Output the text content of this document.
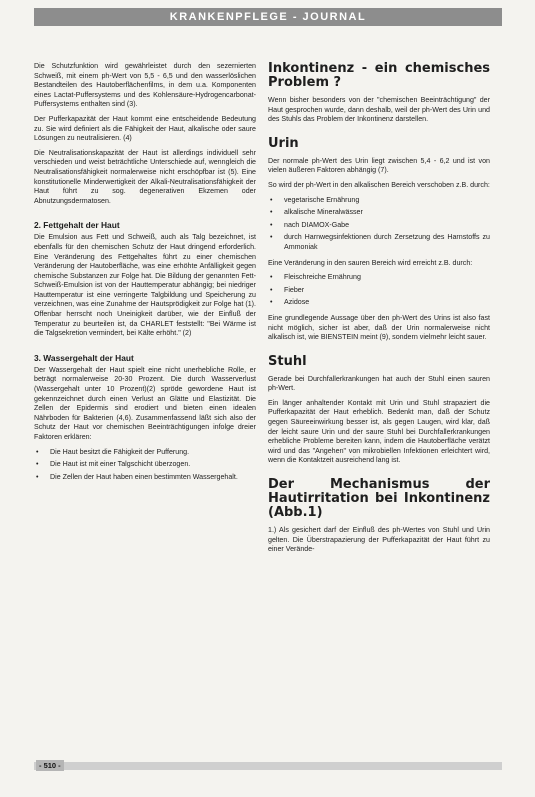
KRANKENPFLEGE - JOURNAL

Die Schutzfunktion wird gewährleistet durch den sezernierten Schweiß, mit einem ph-Wert von 5,5 - 6,5 und den wasserlöslichen Bestandteilen des Hautoberflächenfilms, in dem u.a. Komponenten eines Lactat-Puffersystems und des Kohlensäure-Hydrogencarbonat-Puffersystems enthalten sind (3).

Der Pufferkapazität der Haut kommt eine entscheidende Bedeutung zu. Sie wird definiert als die Fähigkeit der Haut, alkalische oder saure Lösungen zu neutralisieren. (4)

Die Neutralisationskapazität der Haut ist allerdings individuell sehr verschieden und weist beträchtliche Unterschiede auf, wenngleich die Neutralisationsfähigkeit normalerweise nicht erschöpfbar ist (5). Eine konstitutionelle Minderwertigkeit der Alkali-Neutralisationsfähigkeit der Haut führt zu sog. degenerativen Ekzemen oder Abnutzungsdermatosen.

2. Fettgehalt der Haut

Die Emulsion aus Fett und Schweiß, auch als Talg bezeichnet, ist ebenfalls für den chemischen Schutz der Haut dringend erforderlich. Eine Veränderung des Fettgehaltes führt zu einer chemischen Veränderung der Hautoberfläche, was eine erhöhte Anfälligkeit gegen chemische Substanzen zur Folge hat. Die Bildung der genannten Fett-Schweiß-Emulsion ist von der Hauttemperatur abhängig; bei niedriger Hauttemperatur ist eine verringerte Talgbildung und Speicherung zu verzeichnen, was eine Zunahme der Hautsprödigkeit zur Folge hat (1). Offenbar herrscht noch Uneinigkeit darüber, wie der Einfluß der Temperatur zu beurteilen ist, da CHARLET feststellt: "Bei Wärme ist die Talgsekretion vermindert, bei Kälte erhöht." (2)

3. Wassergehalt der Haut

Der Wassergehalt der Haut spielt eine nicht unerhebliche Rolle, er beträgt normalerweise 20-30 Prozent. Die durch Wasserverlust (Wassergehalt unter 10 Prozent)(2) spröde gewordene Haut ist gekennzeichnet durch einen Verlust an Glätte und Elastizität. Die Zellen der Epidermis sind erodiert und bieten einen idealen Nährboden für Bakterien (4,6). Zusammenfassend läßt sich also der Schutz der Haut vor chemischen Beeinträchtigungen infolge dreier Faktoren erklären:

• Die Haut besitzt die Fähigkeit der Pufferung.
• Die Haut ist mit einer Talgschicht überzogen.
• Die Zellen der Haut haben einen bestimmten Wassergehalt.
Inkontinenz - ein chemisches Problem ?

Wenn bisher besonders von der "chemischen Beeinträchtigung" der Haut gesprochen wurde, dann deshalb, weil der ph-Wert des Urin und des Stuhls das Problem der Inkontinenz darstellen.

Urin

Der normale ph-Wert des Urin liegt zwischen 5,4 - 6,2 und ist von vielen äußeren Faktoren abhängig (7).

So wird der ph-Wert in den alkalischen Bereich verschoben z.B. durch:

• vegetarische Ernährung
• alkalische Mineralwässer
• nach DIAMOX-Gabe
• durch Harnwegsinfektionen durch Zersetzung des Harnstoffs zu Ammoniak

Eine Veränderung in den sauren Bereich wird erreicht z.B. durch:

• Fleischreiche Ernährung
• Fieber
• Azidose

Eine grundlegende Aussage über den ph-Wert des Urins ist also fast nicht möglich, sicher ist aber, daß der Urin normalerweise nicht alkalisch ist, wie BIENSTEIN meint (9), sondern vielmehr leicht sauer.

Stuhl

Gerade bei Durchfallerkrankungen hat auch der Stuhl einen sauren ph-Wert.

Ein länger anhaltender Kontakt mit Urin und Stuhl strapaziert die Pufferkapazität der Haut erheblich. Bedenkt man, daß der Schutz gegen Säureeinwirkung besser ist, als gegen Laugen, wird klar, daß der leicht saure Urin und der saure Stuhl bei Durchfallerkrankungen erhebliche Probleme bereiten kann, indem die Hautoberfläche verätzt wird und das "Angehen" von mikrobiellen Infektionen erleichtert wird, wenn die Kontaktzeit ausreichend lang ist.

Der Mechanismus der Hautirritation bei Inkontinenz (Abb.1)

1.) Als gesichert darf der Einfluß des ph-Wertes von Stuhl und Urin gelten. Die Überstrapazierung der Pufferkapazität der Haut führt zu einer Verände-

- 510 -
